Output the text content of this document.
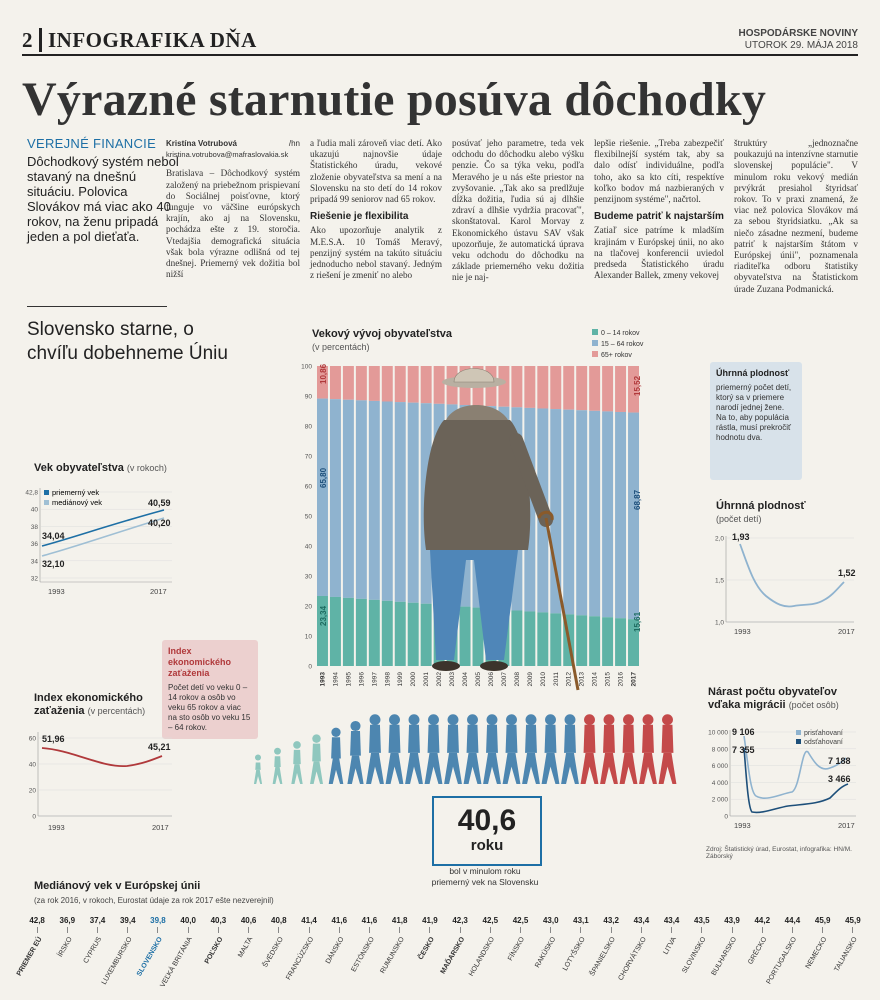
2 INFOGRAFIKA DŇA	HOSPODÁRSKE NOVINY
UTOROK 29. MÁJA 2018
Výrazné starnutie posúva dôchodky
VEREJNÉ FINANCIE
Dôchodkový systém nebol stavaný na dnešnú situáciu. Polovica Slovákov má viac ako 40 rokov, na ženu pripadá jeden a pol dieťaťa.
Kristína Votrubová	/hn
kristina.votrubova@mafraslovakia.sk
Bratislava – Dôchodkový systém založený na priebežnom prispievaní do Sociálnej poisťovne, ktorý funguje vo väčšine európskych krajín, ako aj na Slovensku, pochádza ešte z 19. storočia. Vtedajšia demografická situácia však bola výrazne odlišná od tej dnešnej. Priemerný vek dožitia bol nižší
a ľudia mali zároveň viac detí. Ako ukazujú najnovšie údaje Štatistického úradu, vekové zloženie obyvateľstva sa mení a na Slovensku na sto detí do 14 rokov pripadá 99 seniorov nad 65 rokov.
Riešenie je flexibilita
Ako upozorňuje analytik z M.E.S.A. 10 Tomáš Meravý, penzijný systém na takúto situáciu jednoducho nebol stavaný. Jedným z riešení je zmeniť no alebo
posúvať jeho parametre, teda vek odchodu do dôchodku alebo výšku penzie. Čo sa týka veku, podľa Meravého je u nás ešte priestor na zvyšovanie. „Tak ako sa predlžuje dĺžka dožitia, ľudia sú aj dlhšie zdraví a dlhšie vydržia pracovať", skonštatoval. Karol Morvay z Ekonomického ústavu SAV však upozorňuje, že automatická úprava veku odchodu do dôchodku na základe priemerného veku dožitia nie je naj-
lepšie riešenie. „Treba zabezpečiť flexibilnejší systém tak, aby sa dalo odísť individuálne, podľa toho, ako sa kto cíti, respektíve koľko bodov má nazbieraných v penzijnom systéme", načrtol.
Budeme patriť k najstarším
Zatiaľ sice patríme k mladším krajinám v Európskej únii, no ako na tlačovej konferencii uviedol predseda Štatistického úradu Alexander Ballek, zmeny vekovej
štruktúry „jednoznačne poukazujú na intenzívne starnutie slovenskej populácie". V minulom roku vekový medián prvýkrát presiahol štyridsať rokov. To v praxi znamená, že viac než polovica Slovákov má za sebou štyridsiatku. „Ak sa niečo zásadne nezmení, budeme patriť k najstarším štátom v Európskej únii", poznamenala riaditeľka odboru štatistiky obyvateľstva na Štatistickom úrade Zuzana Podmanická.
Slovensko starne, o chvíľu dobehneme Úniu
Vek obyvateľstva (v rokoch)
42,8
40
38
36
34
32
priemerný vek
mediánový vek
34,04
32,10
40,59
40,20
1993	2017
Index ekonomického zaťaženia
Počet detí vo veku 0 – 14 rokov a osôb vo veku 65 rokov a viac na sto osôb vo veku 15 – 64 rokov.
Index ekonomického zaťaženia (v percentách)
60
40
20
0
51,96
45,21
1993	2017
Vekový vývoj obyvateľstva
(v percentách)
0 – 14 rokov
15 – 64 rokov
65+ rokov
100
90
80
70
60
50
40
30
20
10
0
1993 1994 1995 1996 1997 1998 1999 2000 2001 2002 2003 2004 2005 2006 2007 2008 2009 2010 2011 2012 2013 2014 2015 2016 2017
10,86
65,80
23,34
15,52
68,87
15,61
Úhrnná plodnosť
priemerný počet detí, ktorý sa v priemere narodí jednej žene. Na to, aby populácia rástla, musí prekročiť hodnotu dva.
Úhrnná plodnosť
(počet detí)
2,0
1,5
1,0
1,93
1,52
1993	2017
Nárast počtu obyvateľov vďaka migrácii (počet osôb)
10 000
8 000
6 000
4 000
2 000
0
prisťahovaní
odsťahovaní
9 106
7 355
7 188
3 466
1993	2017
Zdroj: Štatistický úrad, Eurostat, infografika: HN/M. Záborský
40,6
roku
bol v minulom roku priemerný vek na Slovensku
Mediánový vek v Európskej únii
(za rok 2016, v rokoch, Eurostat údaje za rok 2017 ešte nezverejnil)
42,8
PRIEMER EÚ
36,9
ÍRSKO
37,4
CYPRUS
39,4
LUXEMBURSKO
39,8
SLOVENSKO
40,0
VEĽKÁ BRITÁNIA
40,3
POĽSKO
40,6
MALTA
40,8
ŠVÉDSKO
41,4
FRANCÚZSKO
41,6
DÁNSKO
41,6
ESTÓNSKO
41,8
RUMUNSKO
41,9
ČESKO
42,3
MAĎARSKO
42,5
HOLANDSKO
42,5
FÍNSKO
43,0
RAKÚSKO
43,1
LOTYŠSKO
43,2
ŠPANIELSKO
43,4
CHORVÁTSKO
43,4
LITVA
43,5
SLOVINSKO
43,9
BULHARSKO
44,2
GRÉCKO
44,4
PORTUGALSKO
45,9
NEMECKO
45,9
TALIANSKO
